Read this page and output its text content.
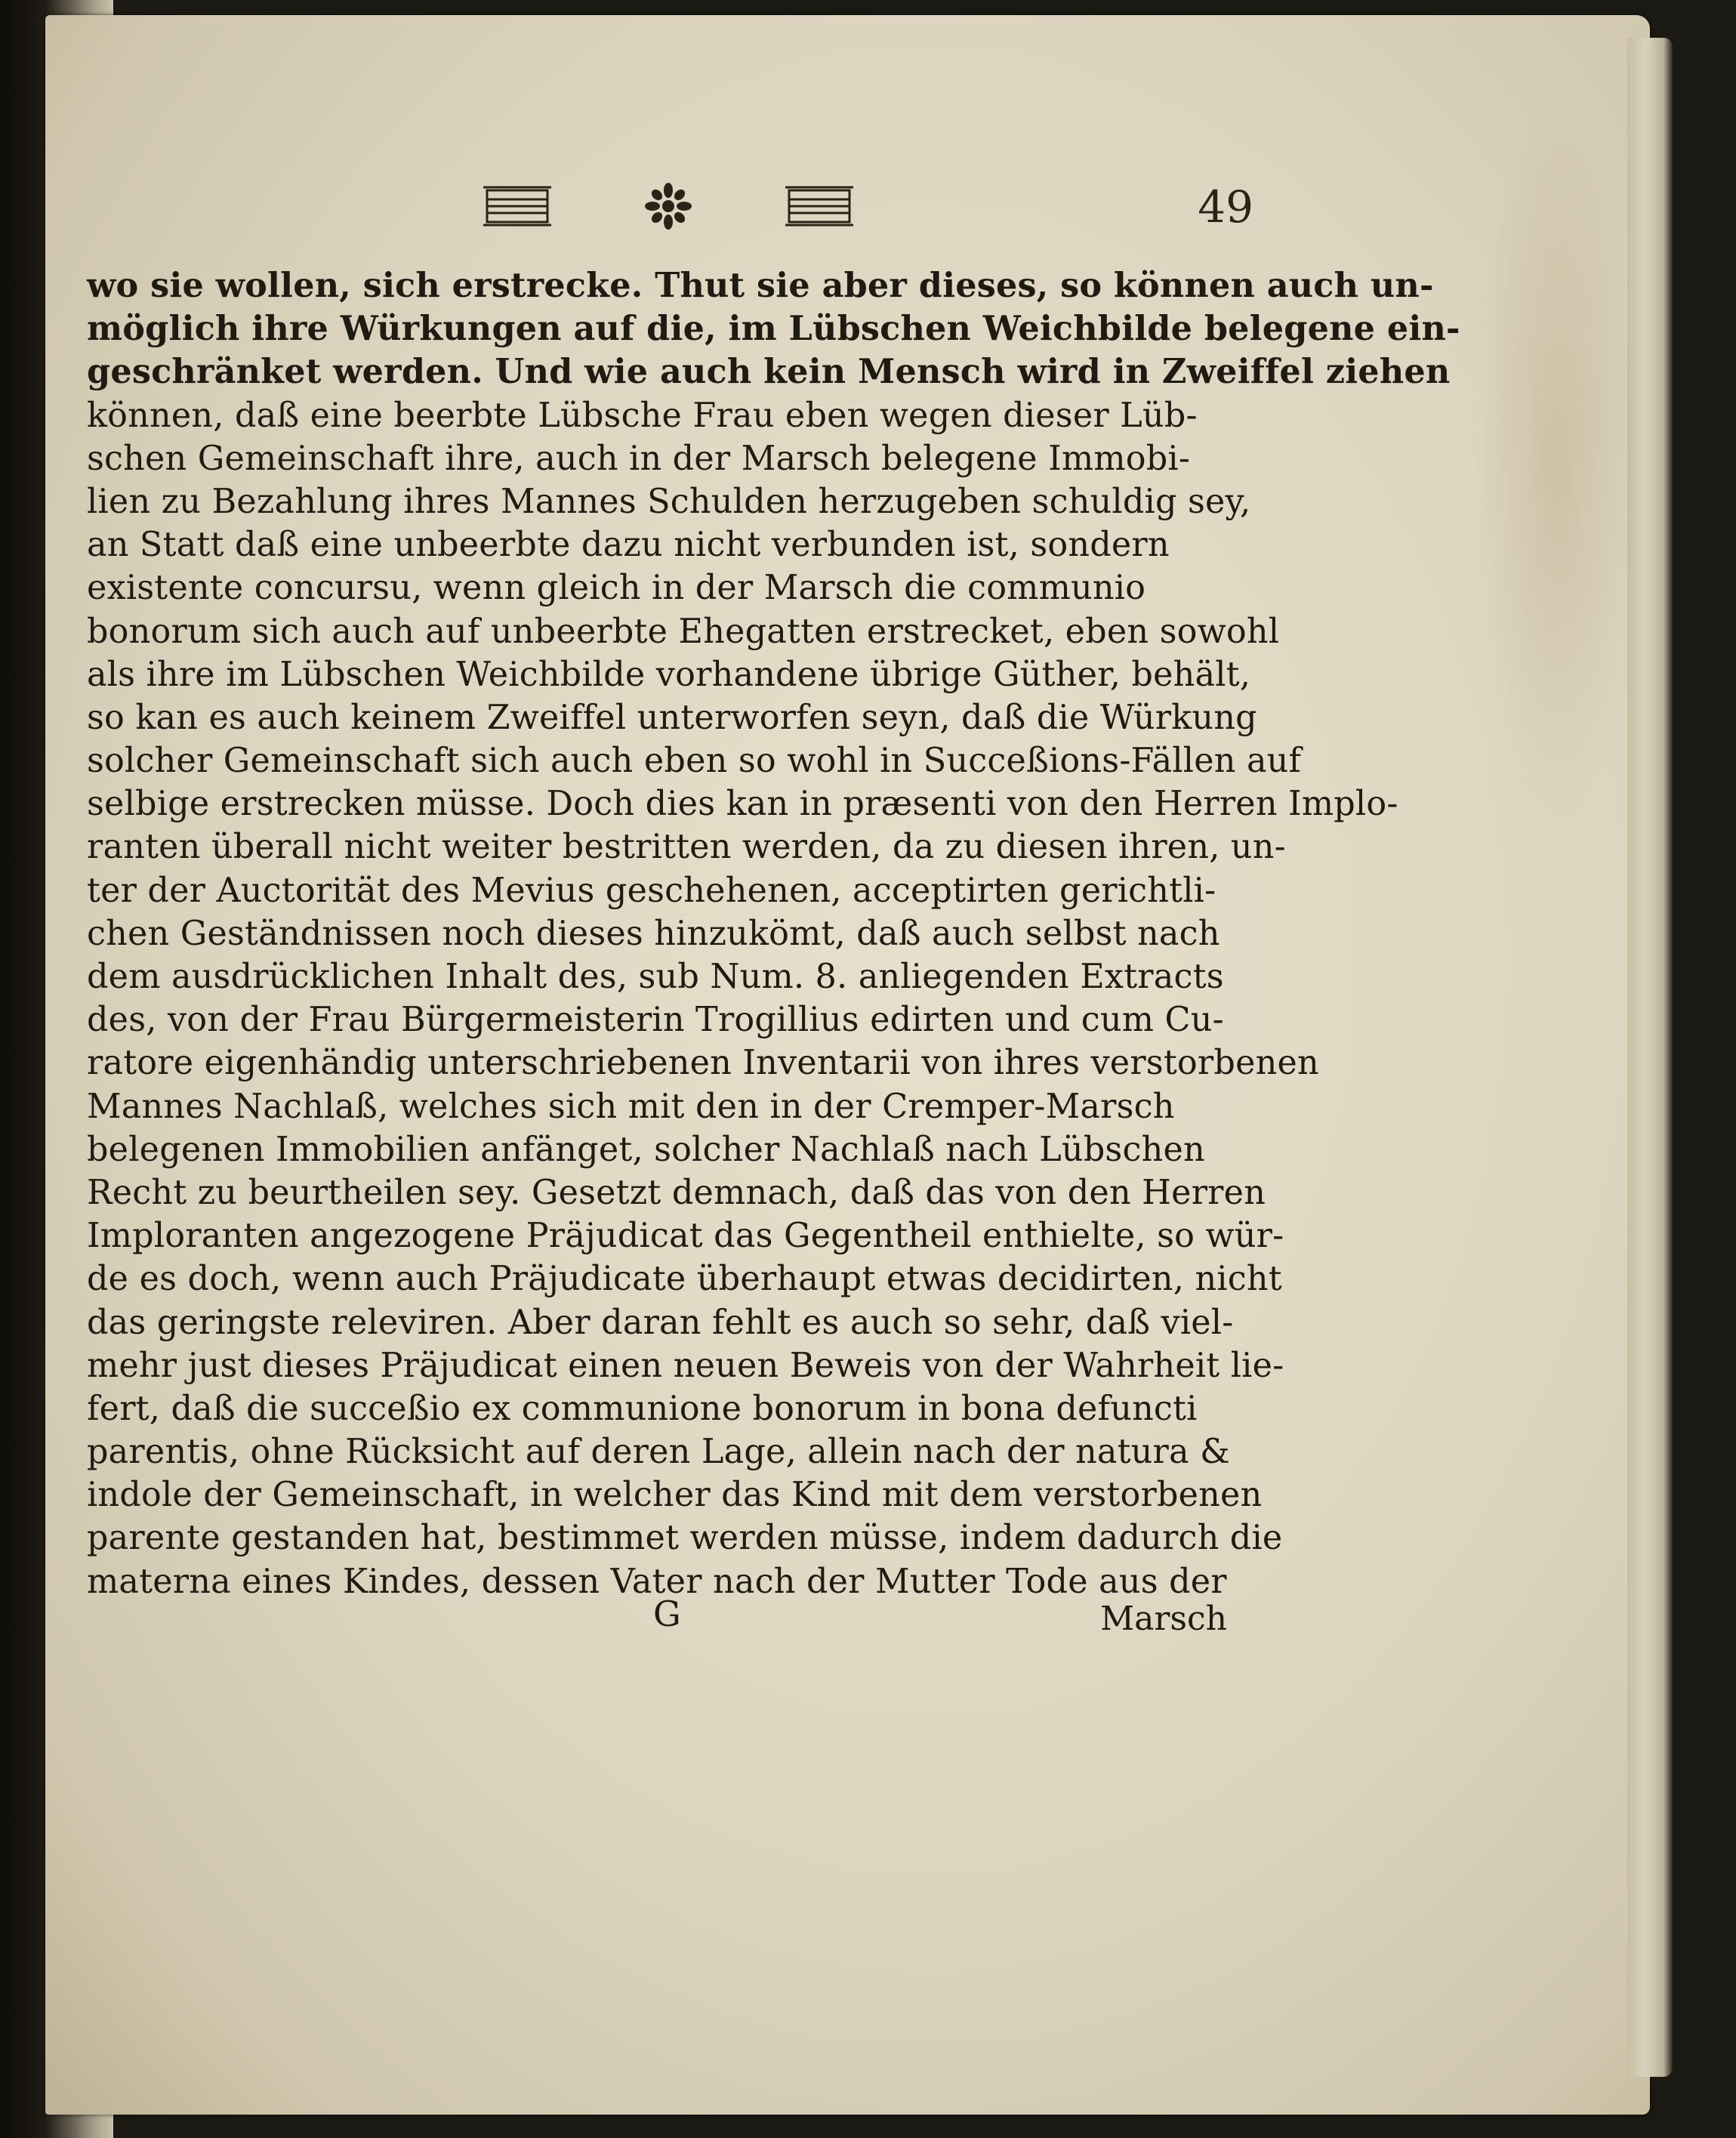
49
wo sie wollen, sich erstrecke. Thut sie aber dieses, so können auch un-
möglich ihre Würkungen auf die, im Lübschen Weichbilde belegene ein-
geschränket werden. Und wie auch kein Mensch wird in Zweiffel ziehen
können, daß eine beerbte Lübsche Frau eben wegen dieser Lüb-
schen Gemeinschaft ihre, auch in der Marsch belegene Immobi-
lien zu Bezahlung ihres Mannes Schulden herzugeben schuldig sey,
an Statt daß eine unbeerbte dazu nicht verbunden ist, sondern
existente concursu, wenn gleich in der Marsch die communio
bonorum sich auch auf unbeerbte Ehegatten erstrecket, eben sowohl
als ihre im Lübschen Weichbilde vorhandene übrige Güther, behält,
so kan es auch keinem Zweiffel unterworfen seyn, daß die Würkung
solcher Gemeinschaft sich auch eben so wohl in Succeßions-Fällen auf
selbige erstrecken müsse. Doch dies kan in præsenti von den Herren Implo-
ranten überall nicht weiter bestritten werden, da zu diesen ihren, un-
ter der Auctorität des Mevius geschehenen, acceptirten gerichtli-
chen Geständnissen noch dieses hinzukömt, daß auch selbst nach
dem ausdrücklichen Inhalt des, sub Num. 8. anliegenden Extracts
des, von der Frau Bürgermeisterin Trogillius edirten und cum Cu-
ratore eigenhändig unterschriebenen Inventarii von ihres verstorbenen
Mannes Nachlaß, welches sich mit den in der Cremper-Marsch
belegenen Immobilien anfänget, solcher Nachlaß nach Lübschen
Recht zu beurtheilen sey. Gesetzt demnach, daß das von den Herren
Imploranten angezogene Präjudicat das Gegentheil enthielte, so wür-
de es doch, wenn auch Präjudicate überhaupt etwas decidirten, nicht
das geringste releviren. Aber daran fehlt es auch so sehr, daß viel-
mehr just dieses Präjudicat einen neuen Beweis von der Wahrheit lie-
fert, daß die succeßio ex communione bonorum in bona defuncti
parentis, ohne Rücksicht auf deren Lage, allein nach der natura &
indole der Gemeinschaft, in welcher das Kind mit dem verstorbenen
parente gestanden hat, bestimmet werden müsse, indem dadurch die
materna eines Kindes, dessen Vater nach der Mutter Tode aus der
G	Marsch
